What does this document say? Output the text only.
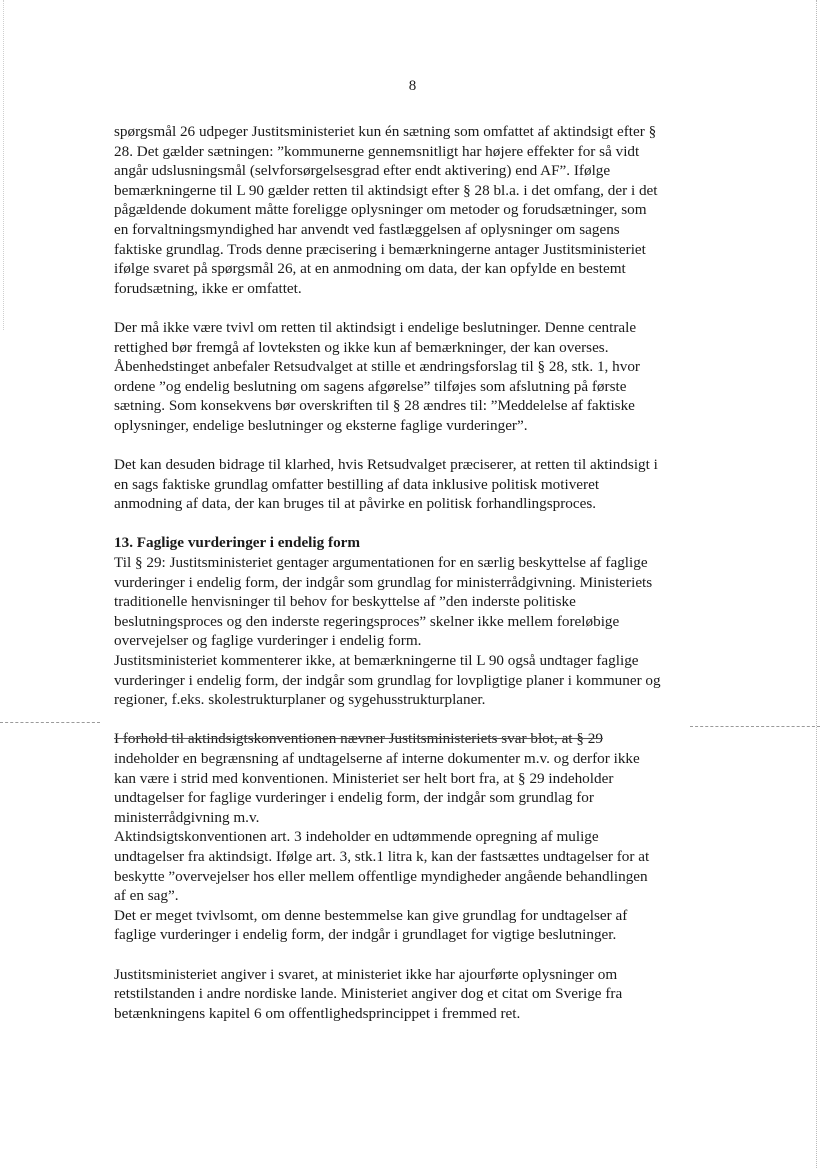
8
spørgsmål 26 udpeger Justitsministeriet kun én sætning som omfattet af aktindsigt efter §
28. Det gælder sætningen: ”kommunerne gennemsnitligt har højere effekter for så vidt
angår udslusningsmål (selvforsørgelsesgrad efter endt aktivering) end AF”. Ifølge
bemærkningerne til L 90 gælder retten til aktindsigt efter § 28 bl.a. i det omfang, der i det
pågældende dokument måtte foreligge oplysninger om metoder og forudsætninger, som
en forvaltningsmyndighed har anvendt ved fastlæggelsen af oplysninger om sagens
faktiske grundlag. Trods denne præcisering i bemærkningerne antager Justitsministeriet
ifølge svaret på spørgsmål 26, at en anmodning om data, der kan opfylde en bestemt
forudsætning, ikke er omfattet.
Der må ikke være tvivl om retten til aktindsigt i endelige beslutninger. Denne centrale
rettighed bør fremgå af lovteksten og ikke kun af bemærkninger, der kan overses.
Åbenhedstinget anbefaler Retsudvalget at stille et ændringsforslag til § 28, stk. 1, hvor
ordene ”og endelig beslutning om sagens afgørelse” tilføjes som afslutning på første
sætning. Som konsekvens bør overskriften til § 28 ændres til: ”Meddelelse af faktiske
oplysninger, endelige beslutninger og eksterne faglige vurderinger”.
Det kan desuden bidrage til klarhed, hvis Retsudvalget præciserer, at retten til aktindsigt i
en sags faktiske grundlag omfatter bestilling af data inklusive politisk motiveret
anmodning af data, der kan bruges til at påvirke en politisk forhandlingsproces.
13. Faglige vurderinger i endelig form
Til § 29: Justitsministeriet gentager argumentationen for en særlig beskyttelse af faglige
vurderinger i endelig form, der indgår som grundlag for ministerrådgivning. Ministeriets
traditionelle henvisninger til behov for beskyttelse af ”den inderste politiske
beslutningsproces og den inderste regeringsproces” skelner ikke mellem foreløbige
overvejelser og faglige vurderinger i endelig form.
Justitsministeriet kommenterer ikke, at bemærkningerne til L 90 også undtager faglige
vurderinger i endelig form, der indgår som grundlag for lovpligtige planer i kommuner og
regioner, f.eks. skolestrukturplaner og sygehusstrukturplaner.
I forhold til aktindsigtskonventionen nævner Justitsministeriets svar blot, at § 29
indeholder en begrænsning af undtagelserne af interne dokumenter m.v. og derfor ikke
kan være i strid med konventionen. Ministeriet ser helt bort fra, at § 29 indeholder
undtagelser for faglige vurderinger i endelig form, der indgår som grundlag for
ministerrådgivning m.v.
Aktindsigtskonventionen art. 3 indeholder en udtømmende opregning af mulige
undtagelser fra aktindsigt. Ifølge art. 3, stk.1 litra k, kan der fastsættes undtagelser for at
beskytte ”overvejelser hos eller mellem offentlige myndigheder angående behandlingen
af en sag”.
Det er meget tvivlsomt, om denne bestemmelse kan give grundlag for undtagelser af
faglige vurderinger i endelig form, der indgår i grundlaget for vigtige beslutninger.
Justitsministeriet angiver i svaret, at ministeriet ikke har ajourførte oplysninger om
retstilstanden i andre nordiske lande. Ministeriet angiver dog et citat om Sverige fra
betænkningens kapitel 6 om offentlighedsprincippet i fremmed ret.
